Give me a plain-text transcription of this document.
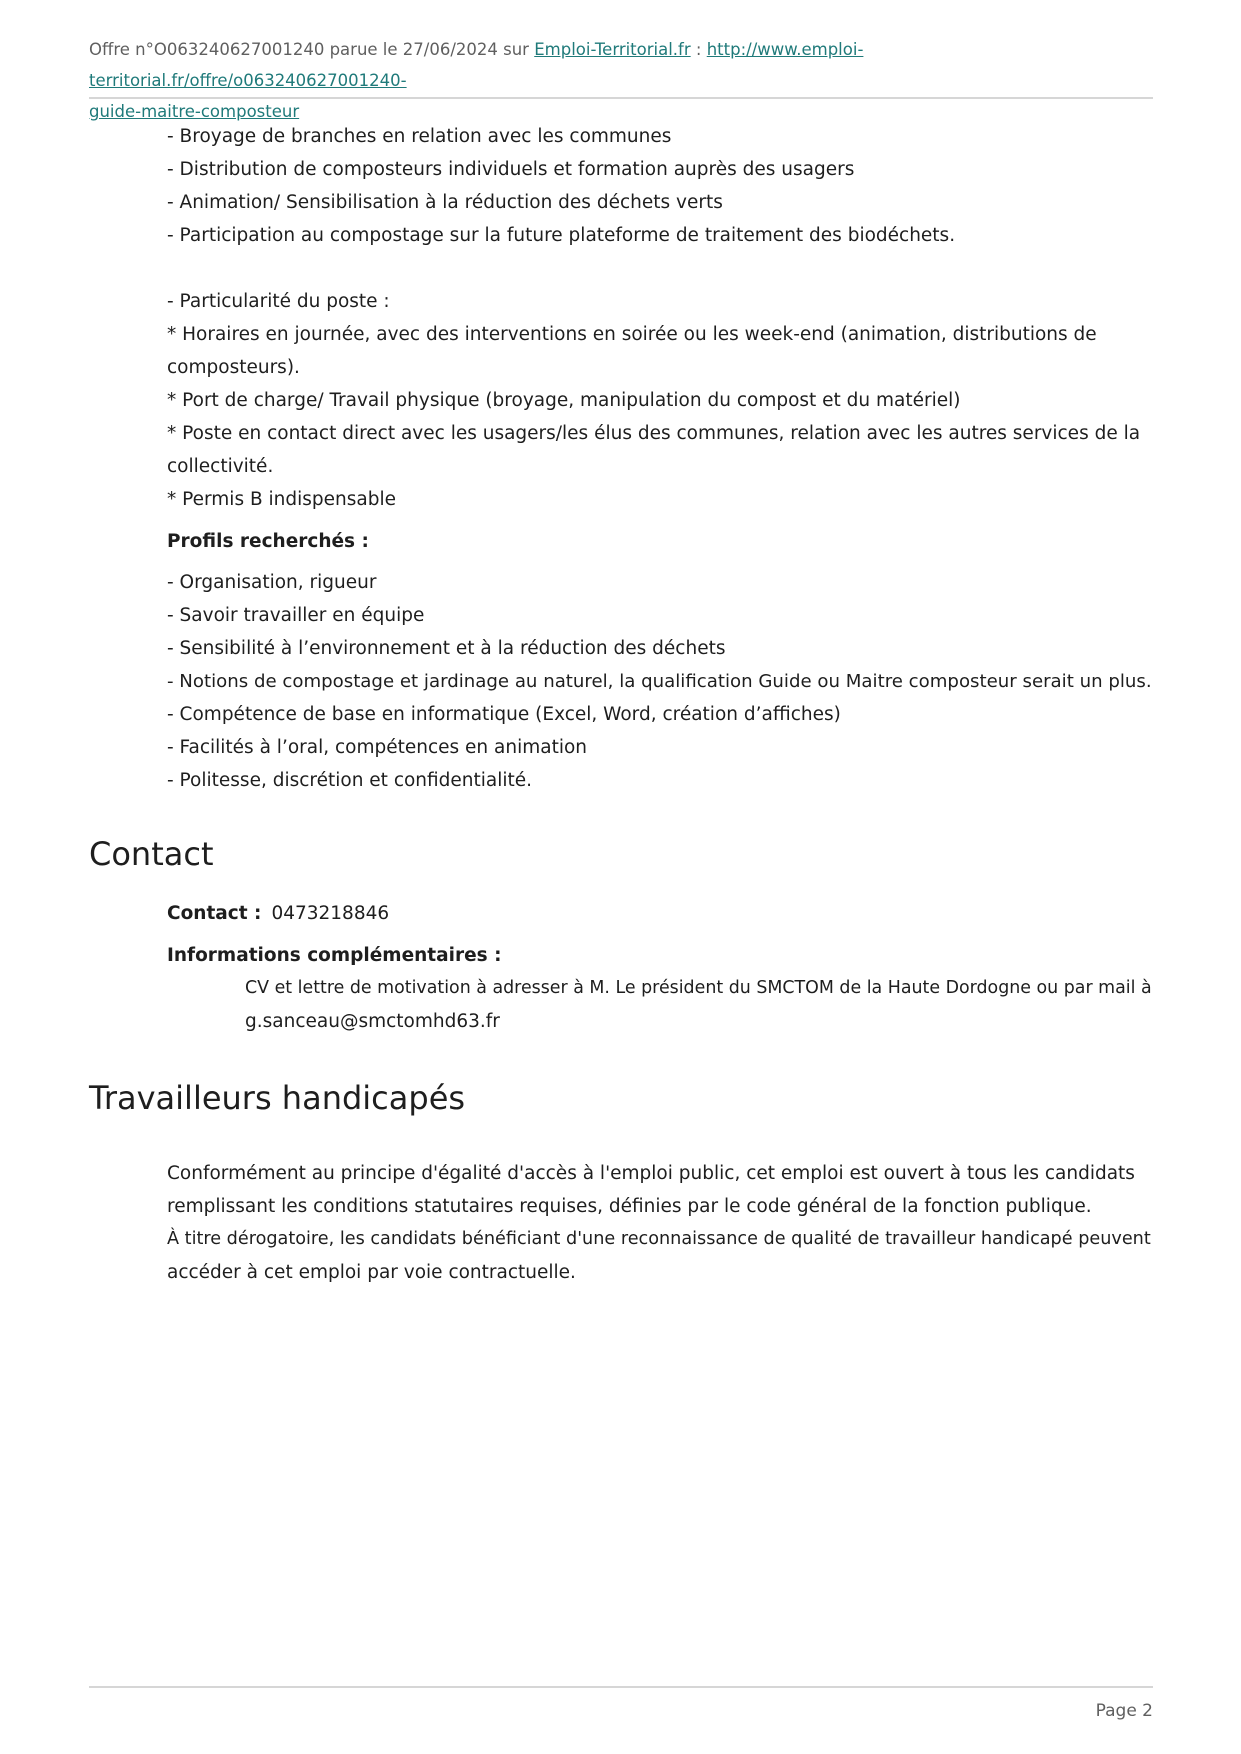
Offre n°O063240627001240 parue le 27/06/2024 sur Emploi-Territorial.fr : http://www.emploi-territorial.fr/offre/o063240627001240-
guide-maitre-composteur
- Broyage de branches en relation avec les communes
- Distribution de composteurs individuels et formation auprès des usagers
- Animation/ Sensibilisation à la réduction des déchets verts
- Participation au compostage sur la future plateforme de traitement des biodéchets.
- Particularité du poste :
* Horaires en journée, avec des interventions en soirée ou les week-end (animation, distributions de
composteurs).
* Port de charge/ Travail physique (broyage, manipulation du compost et du matériel)
* Poste en contact direct avec les usagers/les élus des communes, relation avec les autres services de la
collectivité.
* Permis B indispensable
Profils recherchés :
- Organisation, rigueur
- Savoir travailler en équipe
- Sensibilité à l’environnement et à la réduction des déchets
- Notions de compostage et jardinage au naturel, la qualification Guide ou Maitre composteur serait un plus.
- Compétence de base en informatique (Excel, Word, création d’affiches)
- Facilités à l’oral, compétences en animation
- Politesse, discrétion et confidentialité.
Contact
Contact : 0473218846
Informations complémentaires :
CV et lettre de motivation à adresser à M. Le président du SMCTOM de la Haute Dordogne ou par mail à
g.sanceau@smctomhd63.fr
Travailleurs handicapés
Conformément au principe d'égalité d'accès à l'emploi public, cet emploi est ouvert à tous les candidats
remplissant les conditions statutaires requises, définies par le code général de la fonction publique.
À titre dérogatoire, les candidats bénéficiant d'une reconnaissance de qualité de travailleur handicapé peuvent
accéder à cet emploi par voie contractuelle.
Page 2
